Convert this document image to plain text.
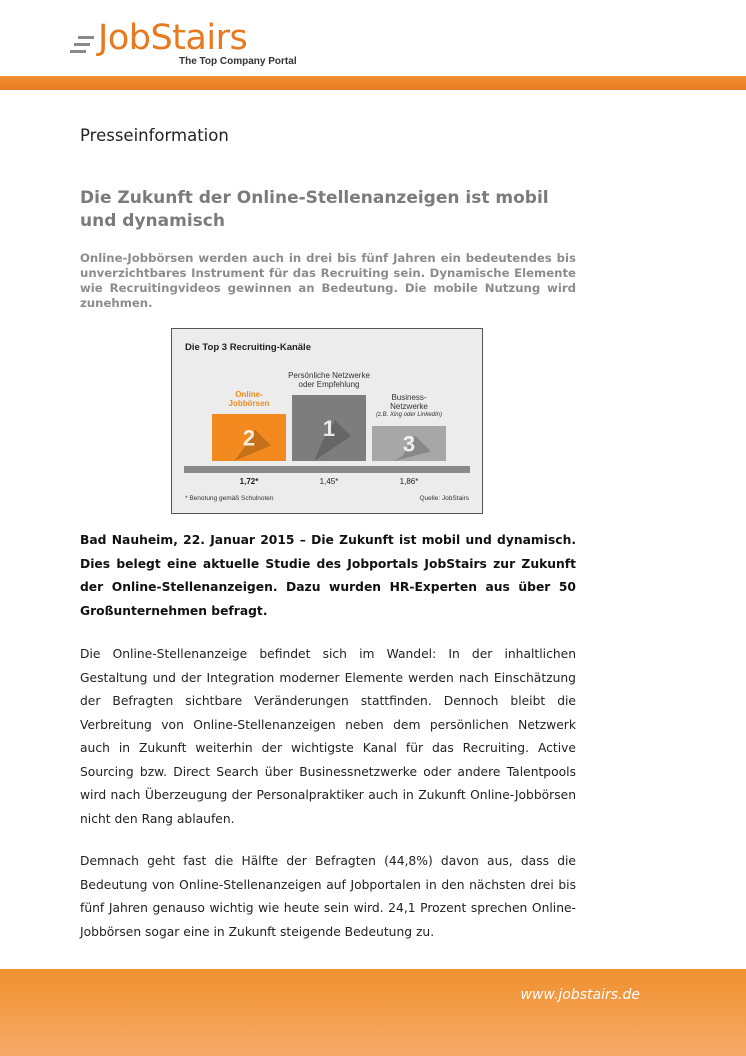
JobStairs
The Top Company Portal
Presseinformation
Die Zukunft der Online-Stellenanzeigen ist mobil und dynamisch
Online-Jobbörsen werden auch in drei bis fünf Jahren ein bedeutendes bis unverzichtbares Instrument für das Recruiting sein. Dynamische Elemente wie Recruitingvideos gewinnen an Bedeutung. Die mobile Nutzung wird zunehmen.
Die Top 3 Recruiting-Kanäle
2	1
3
Online-
Jobbörsen
1,72*
Persönliche Netzwerke
oder Empfehlung
1,45*
Business-
Netzwerke
(z.B. Xing oder LinkedIn)
1,86*
* Benotung gemäß Schulnoten	Quelle: JobStairs
Bad Nauheim, 22. Januar 2015 – Die Zukunft ist mobil und dynamisch. Dies belegt eine aktuelle Studie des Jobportals JobStairs zur Zukunft der Online-Stellenanzeigen. Dazu wurden HR-Experten aus über 50 Großunternehmen befragt.
Die Online-Stellenanzeige befindet sich im Wandel: In der inhaltlichen Gestaltung und der Integration moderner Elemente werden nach Einschätzung der Befragten sichtbare Veränderungen stattfinden. Dennoch bleibt die Verbreitung von Online-Stellenanzeigen neben dem persönlichen Netzwerk auch in Zukunft weiterhin der wichtigste Kanal für das Recruiting. Active Sourcing bzw. Direct Search über Businessnetzwerke oder andere Talentpools wird nach Überzeugung der Personalpraktiker auch in Zukunft Online-Jobbörsen nicht den Rang ablaufen.
Demnach geht fast die Hälfte der Befragten (44,8%) davon aus, dass die Bedeutung von Online-Stellenanzeigen auf Jobportalen in den nächsten drei bis fünf Jahren genauso wichtig wie heute sein wird. 24,1 Prozent sprechen Online-Jobbörsen sogar eine in Zukunft steigende Bedeutung zu.
www.jobstairs.de
